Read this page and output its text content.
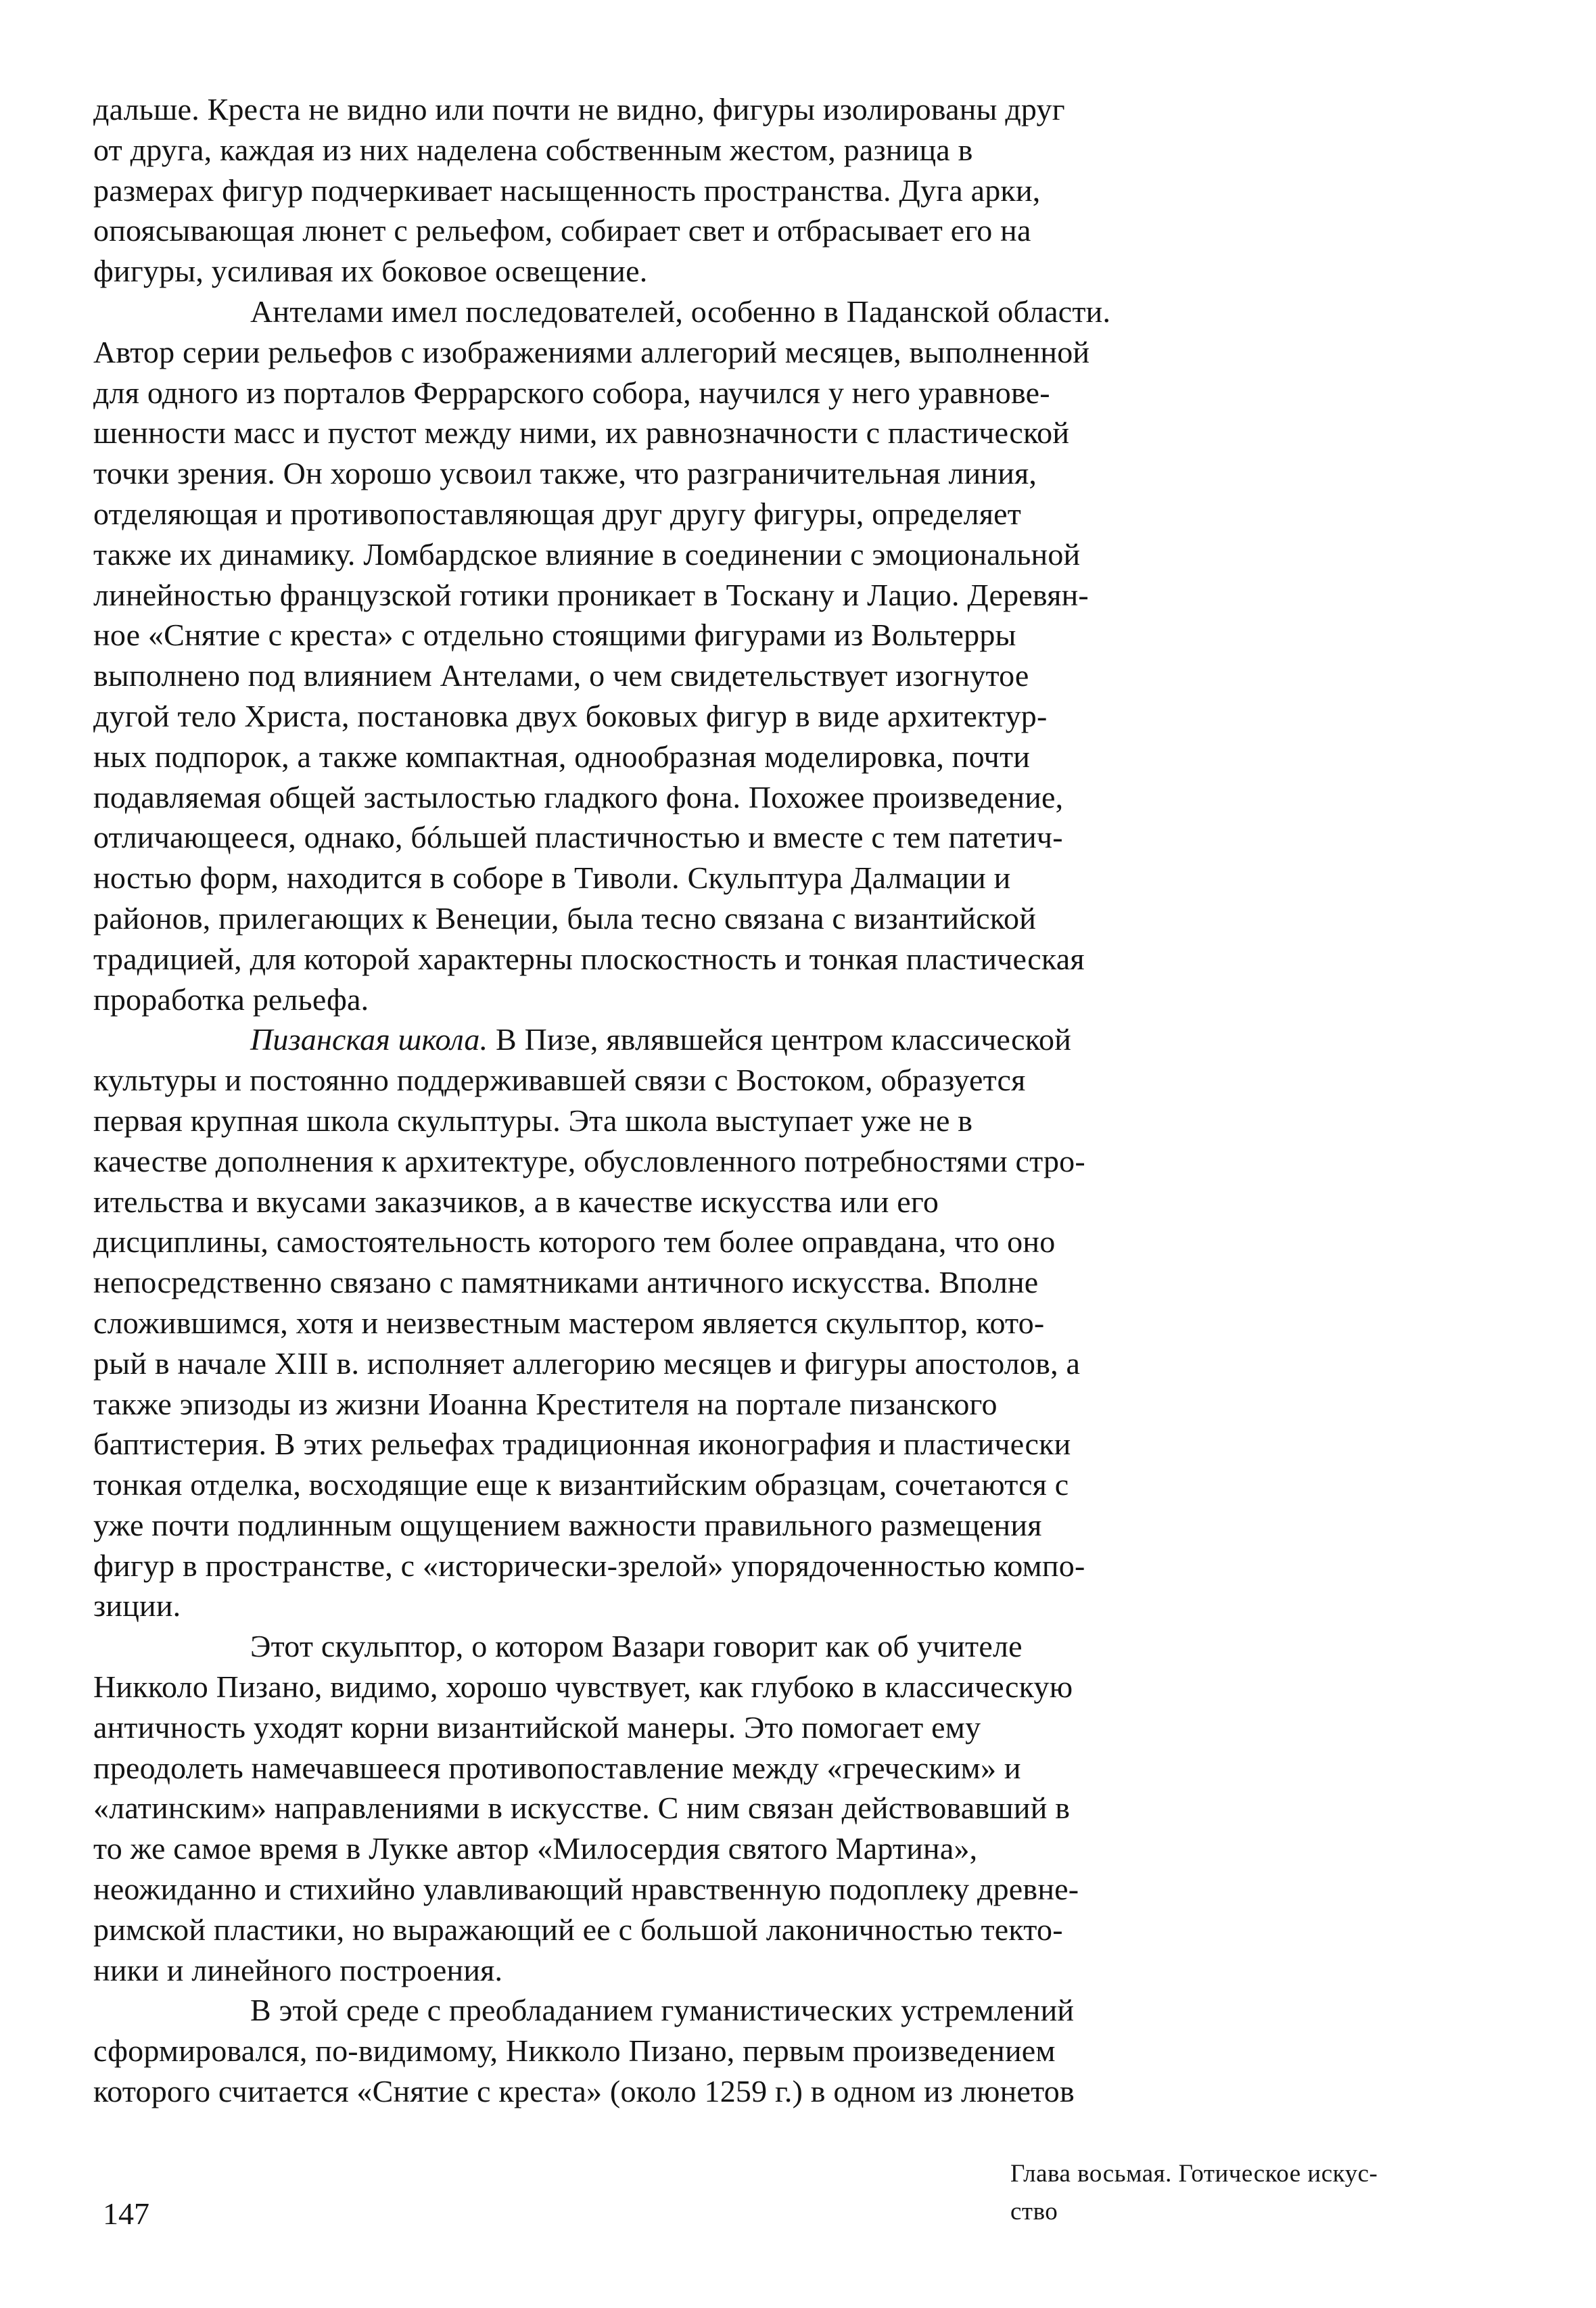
дальше. Креста не видно или почти не видно, фигуры изолированы друг
от друга, каждая из них наделена собственным жестом, разница в
размерах фигур подчеркивает насыщенность пространства. Дуга арки,
опоясывающая люнет с рельефом, собирает свет и отбрасывает его на
фигуры, усиливая их боковое освещение.
Антелами имел последователей, особенно в Паданской области.
Автор серии рельефов с изображениями аллегорий месяцев, выполненной
для одного из порталов Феррарского собора, научился у него уравнове-
шенности масс и пустот между ними, их равнозначности с пластической
точки зрения. Он хорошо усвоил также, что разграничительная линия,
отделяющая и противопоставляющая друг другу фигуры, определяет
также их динамику. Ломбардское влияние в соединении с эмоциональной
линейностью французской готики проникает в Тоскану и Лацио. Деревян-
ное «Снятие с креста» с отдельно стоящими фигурами из Вольтерры
выполнено под влиянием Антелами, о чем свидетельствует изогнутое
дугой тело Христа, постановка двух боковых фигур в виде архитектур-
ных подпорок, а также компактная, однообразная моделировка, почти
подавляемая общей застылостью гладкого фона. Похожее произведение,
отличающееся, однако, бóльшей пластичностью и вместе с тем патетич-
ностью форм, находится в соборе в Тиволи. Скульптура Далмации и
районов, прилегающих к Венеции, была тесно связана с византийской
традицией, для которой характерны плоскостность и тонкая пластическая
проработка рельефа.
Пизанская школа. В Пизе, являвшейся центром классической
культуры и постоянно поддерживавшей связи с Востоком, образуется
первая крупная школа скульптуры. Эта школа выступает уже не в
качестве дополнения к архитектуре, обусловленного потребностями стро-
ительства и вкусами заказчиков, а в качестве искусства или его
дисциплины, самостоятельность которого тем более оправдана, что оно
непосредственно связано с памятниками античного искусства. Вполне
сложившимся, хотя и неизвестным мастером является скульптор, кото-
рый в начале XIII в. исполняет аллегорию месяцев и фигуры апостолов, а
также эпизоды из жизни Иоанна Крестителя на портале пизанского
баптистерия. В этих рельефах традиционная иконография и пластически
тонкая отделка, восходящие еще к византийским образцам, сочетаются с
уже почти подлинным ощущением важности правильного размещения
фигур в пространстве, с «исторически-зрелой» упорядоченностью компо-
зиции.
Этот скульптор, о котором Вазари говорит как об учителе
Никколо Пизано, видимо, хорошо чувствует, как глубоко в классическую
античность уходят корни византийской манеры. Это помогает ему
преодолеть намечавшееся противопоставление между «греческим» и
«латинским» направлениями в искусстве. С ним связан действовавший в
то же самое время в Лукке автор «Милосердия святого Мартина»,
неожиданно и стихийно улавливающий нравственную подоплеку древне-
римской пластики, но выражающий ее с большой лаконичностью текто-
ники и линейного построения.
В этой среде с преобладанием гуманистических устремлений
сформировался, по-видимому, Никколо Пизано, первым произведением
которого считается «Снятие с креста» (около 1259 г.) в одном из люнетов
147
Глава восьмая. Готическое искус-
ство
